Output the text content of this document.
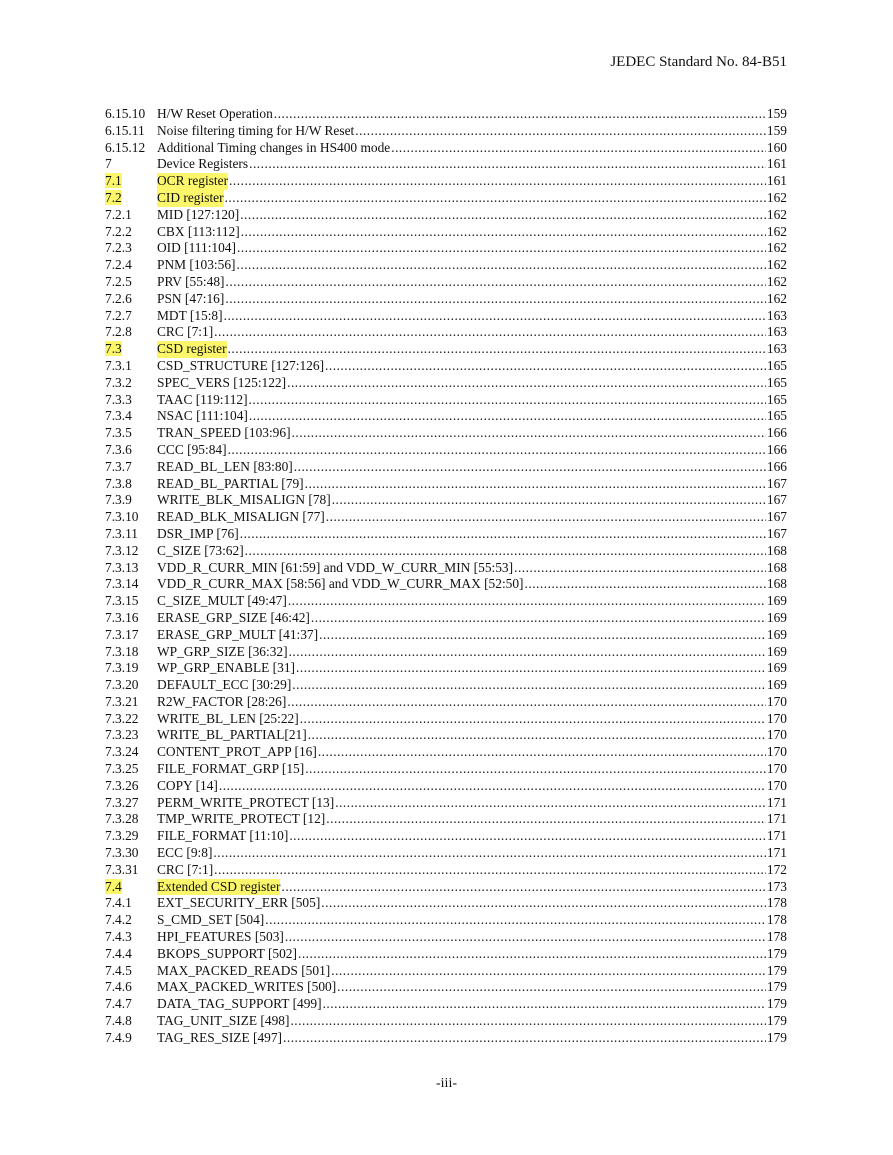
JEDEC Standard No. 84-B51
6.15.10 H/W Reset Operation .....	159
6.15.11 Noise filtering timing for H/W Reset .....	159
6.15.12 Additional Timing changes in HS400 mode .....	160
7	Device Registers .....	161
7.1	OCR register .....	161
7.2	CID register .....	162
7.2.1	MID [127:120] .....	162
7.2.2	CBX [113:112] .....	162
7.2.3	OID [111:104] .....	162
7.2.4	PNM [103:56] .....	162
7.2.5	PRV [55:48] .....	162
7.2.6	PSN [47:16] .....	162
7.2.7	MDT [15:8] .....	163
7.2.8	CRC [7:1] .....	163
7.3	CSD register .....	163
7.3.1	CSD_STRUCTURE [127:126] .....	165
7.3.2	SPEC_VERS [125:122] .....	165
7.3.3	TAAC [119:112] .....	165
7.3.4	NSAC [111:104] .....	165
7.3.5	TRAN_SPEED [103:96] .....	166
7.3.6	CCC [95:84] .....	166
7.3.7	READ_BL_LEN [83:80] .....	166
7.3.8	READ_BL_PARTIAL [79] .....	167
7.3.9	WRITE_BLK_MISALIGN [78] .....	167
7.3.10	READ_BLK_MISALIGN [77] .....	167
7.3.11	DSR_IMP [76] .....	167
7.3.12	C_SIZE [73:62] .....	168
7.3.13	VDD_R_CURR_MIN [61:59] and VDD_W_CURR_MIN [55:53] .....	168
7.3.14	VDD_R_CURR_MAX [58:56] and VDD_W_CURR_MAX [52:50] .....	168
7.3.15	C_SIZE_MULT [49:47] .....	169
7.3.16	ERASE_GRP_SIZE [46:42] .....	169
7.3.17	ERASE_GRP_MULT [41:37] .....	169
7.3.18	WP_GRP_SIZE [36:32] .....	169
7.3.19	WP_GRP_ENABLE [31] .....	169
7.3.20	DEFAULT_ECC [30:29] .....	169
7.3.21	R2W_FACTOR [28:26] .....	170
7.3.22	WRITE_BL_LEN [25:22] .....	170
7.3.23	WRITE_BL_PARTIAL[21] .....	170
7.3.24	CONTENT_PROT_APP [16] .....	170
7.3.25	FILE_FORMAT_GRP [15] .....	170
7.3.26	COPY [14] .....	170
7.3.27	PERM_WRITE_PROTECT [13] .....	171
7.3.28	TMP_WRITE_PROTECT [12] .....	171
7.3.29	FILE_FORMAT [11:10] .....	171
7.3.30	ECC [9:8] .....	171
7.3.31	CRC [7:1] .....	172
7.4	Extended CSD register .....	173
7.4.1	EXT_SECURITY_ERR [505] .....	178
7.4.2	S_CMD_SET [504] .....	178
7.4.3	HPI_FEATURES [503] .....	178
7.4.4	BKOPS_SUPPORT [502] .....	179
7.4.5	MAX_PACKED_READS [501] .....	179
7.4.6	MAX_PACKED_WRITES [500] .....	179
7.4.7	DATA_TAG_SUPPORT [499] .....	179
7.4.8	TAG_UNIT_SIZE [498] .....	179
7.4.9	TAG_RES_SIZE [497] .....	179
-iii-
